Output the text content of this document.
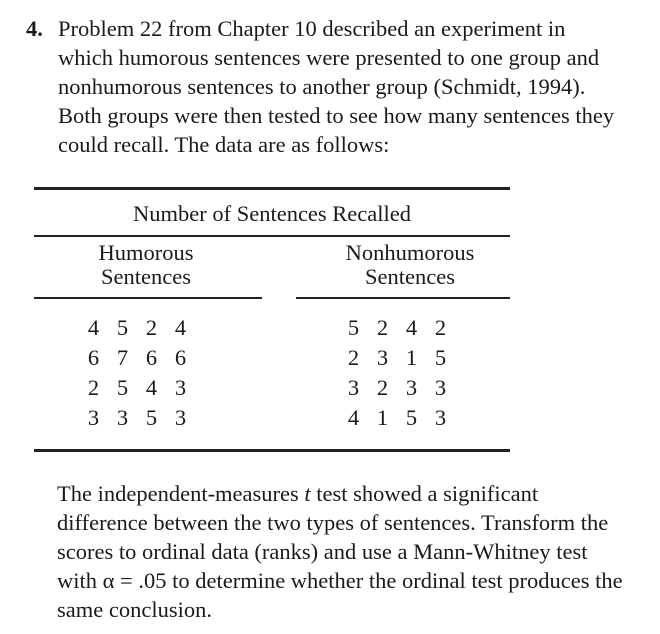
4. Problem 22 from Chapter 10 described an experiment in which humorous sentences were presented to one group and nonhumorous sentences to another group (Schmidt, 1994). Both groups were then tested to see how many sentences they could recall. The data are as follows:

Number of Sentences Recalled
Humorous
Sentences
Nonhumorous
Sentences
4 5 2 4
6 7 6 6
2 5 4 3
3 3 5 3
5 2 4 2
2 3 1 5
3 2 3 3
4 1 5 3

The independent-measures t test showed a significant difference between the two types of sentences. Transform the scores to ordinal data (ranks) and use a Mann-Whitney test with α = .05 to determine whether the ordinal test produces the same conclusion.
